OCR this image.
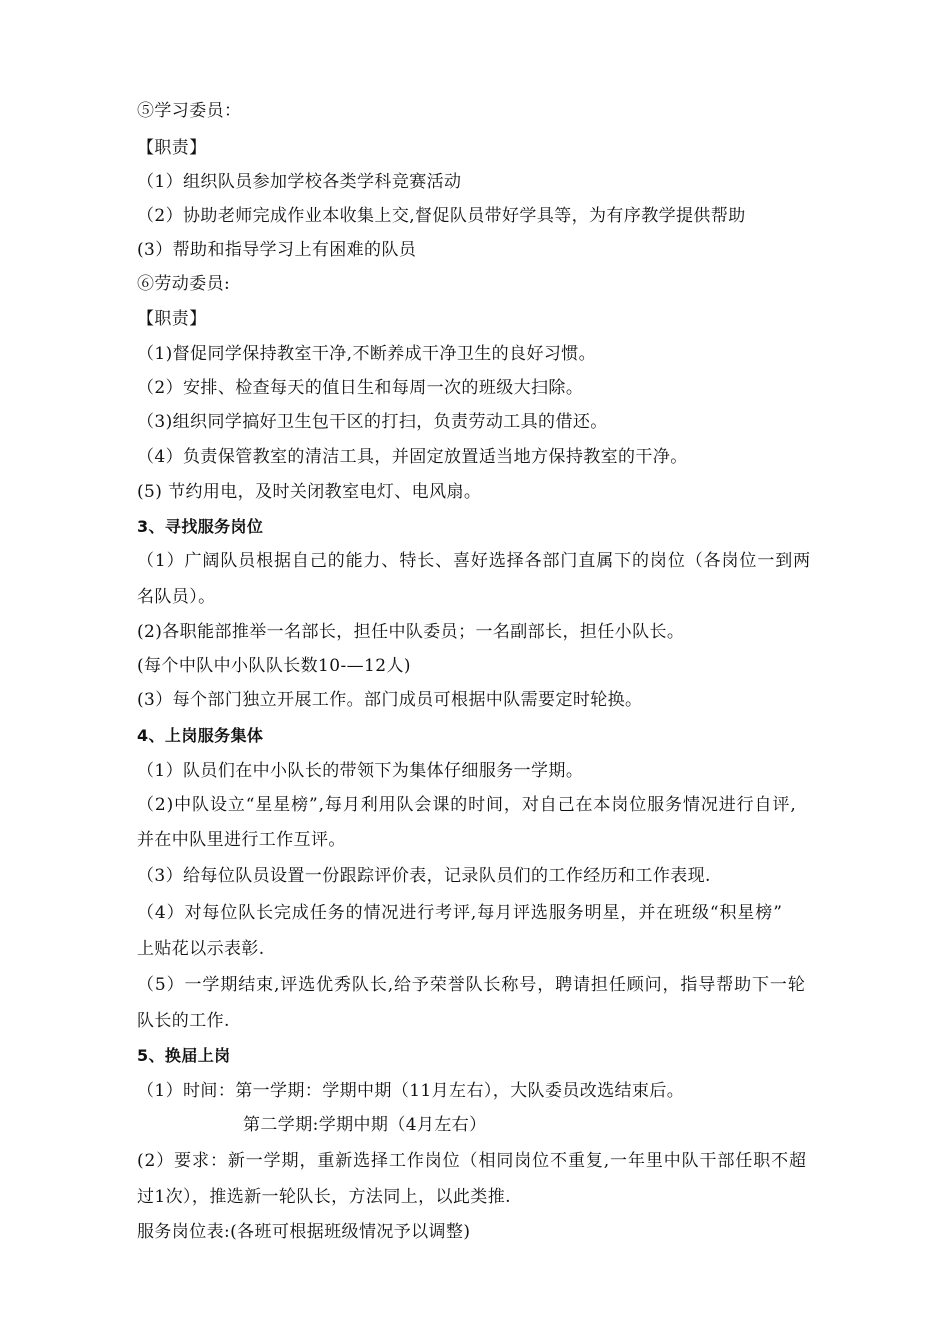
⑤学习委员：
【职责】
（1）组织队员参加学校各类学科竞赛活动
（2）协助老师完成作业本收集上交,督促队员带好学具等，为有序教学提供帮助
(3）帮助和指导学习上有困难的队员
⑥劳动委员:
【职责】
（1)督促同学保持教室干净,不断养成干净卫生的良好习惯。
（2）安排、检查每天的值日生和每周一次的班级大扫除。
（3)组织同学搞好卫生包干区的打扫，负责劳动工具的借还。
（4）负责保管教室的清洁工具，并固定放置适当地方保持教室的干净。
(5) 节约用电，及时关闭教室电灯、电风扇。
3、寻找服务岗位
（1）广阔队员根据自己的能力、特长、喜好选择各部门直属下的岗位（各岗位一到两
名队员）。
(2)各职能部推举一名部长，担任中队委员；一名副部长，担任小队长。
(每个中队中小队队长数10-—12人)
(3）每个部门独立开展工作。部门成员可根据中队需要定时轮换。
4、上岗服务集体
（1）队员们在中小队长的带领下为集体仔细服务一学期。
（2)中队设立“星星榜”,每月利用队会课的时间，对自己在本岗位服务情况进行自评,
并在中队里进行工作互评。
（3）给每位队员设置一份跟踪评价表，记录队员们的工作经历和工作表现.
（4）对每位队长完成任务的情况进行考评,每月评选服务明星，并在班级“积星榜”
上贴花以示表彰.
（5）一学期结束,评选优秀队长,给予荣誉队长称号，聘请担任顾问，指导帮助下一轮
队长的工作.
5、换届上岗
（1）时间：第一学期：学期中期（11月左右），大队委员改选结束后。
第二学期:学期中期（4月左右）
(2）要求：新一学期，重新选择工作岗位（相同岗位不重复,一年里中队干部任职不超
过1次），推选新一轮队长，方法同上，以此类推.
服务岗位表:(各班可根据班级情况予以调整)
